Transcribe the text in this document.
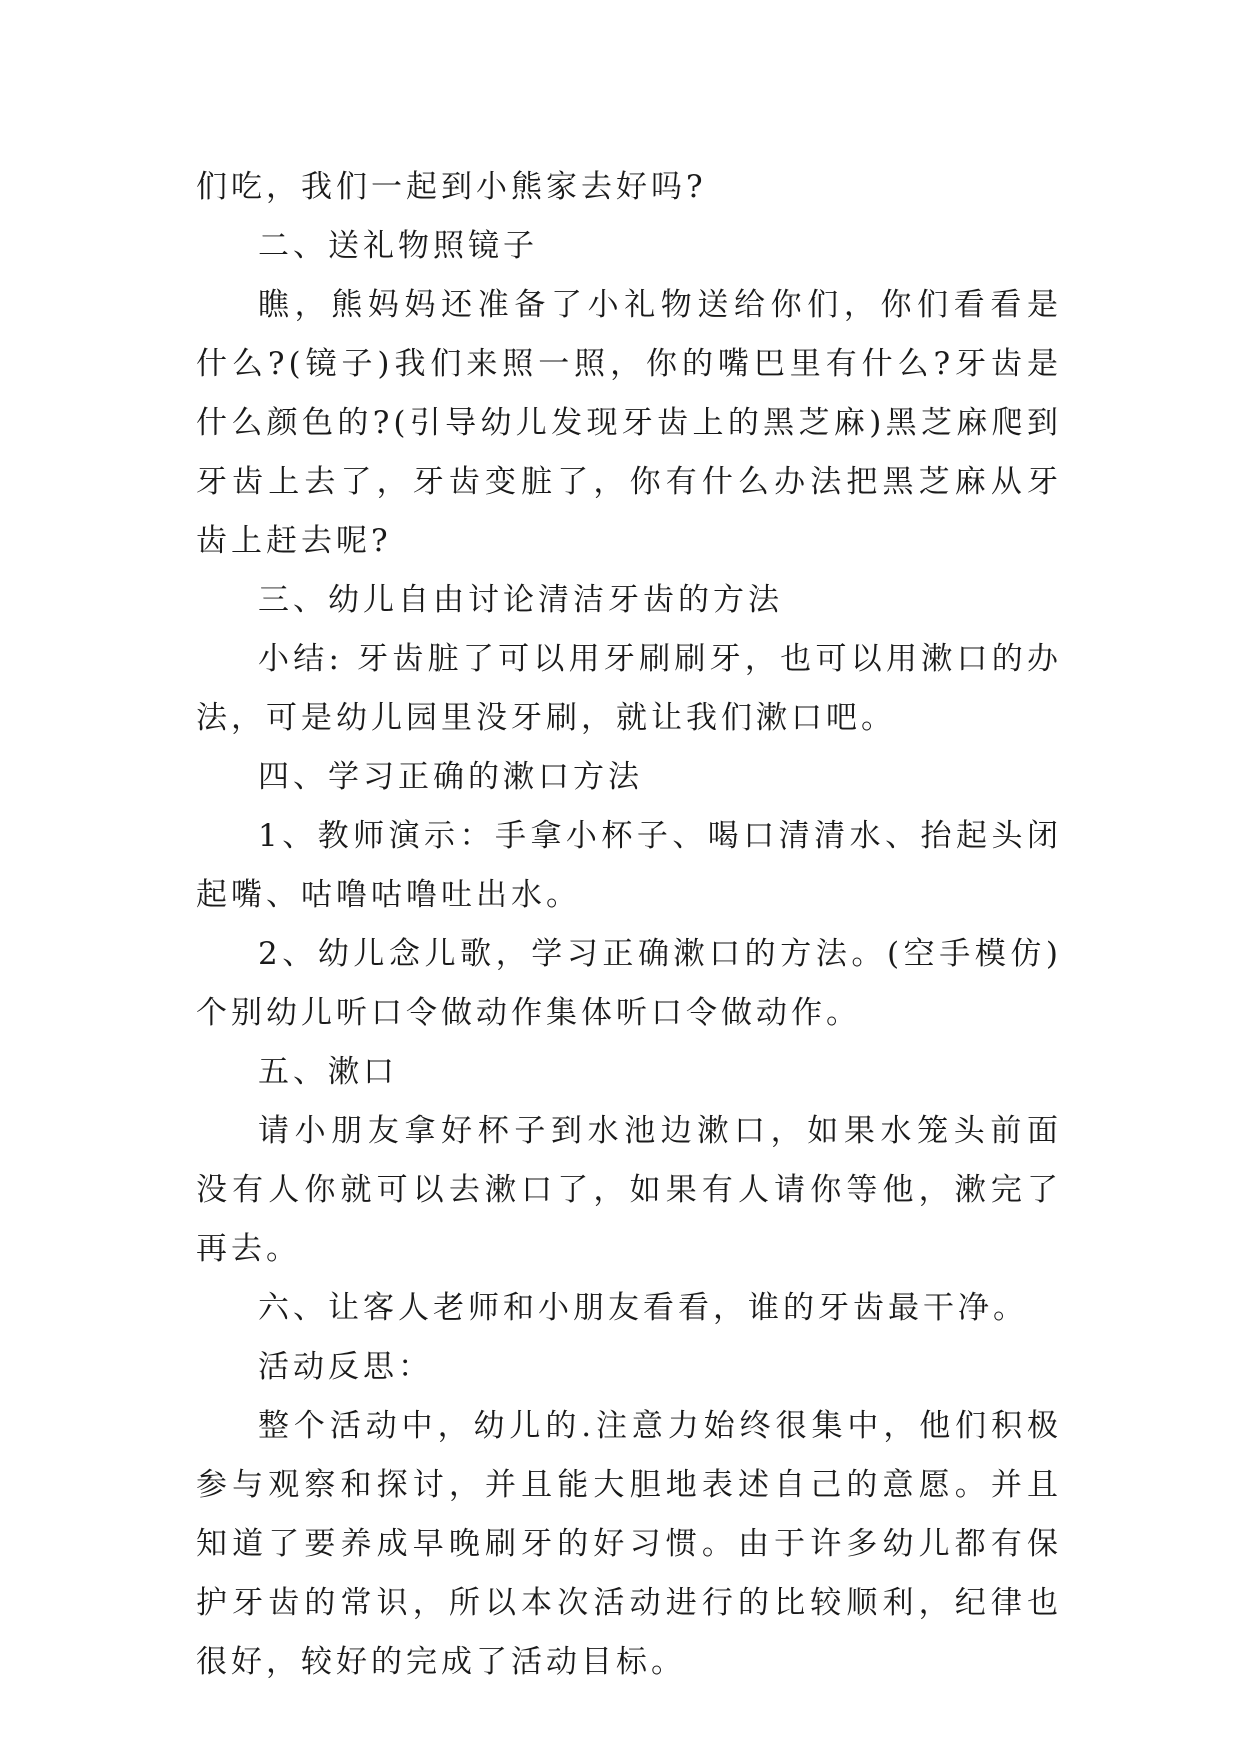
们吃，我们一起到小熊家去好吗?

二、送礼物照镜子

瞧，熊妈妈还准备了小礼物送给你们，你们看看是什么?(镜子)我们来照一照，你的嘴巴里有什么?牙齿是什么颜色的?(引导幼儿发现牙齿上的黑芝麻)黑芝麻爬到牙齿上去了，牙齿变脏了，你有什么办法把黑芝麻从牙齿上赶去呢?

三、幼儿自由讨论清洁牙齿的方法

小结: 牙齿脏了可以用牙刷刷牙，也可以用漱口的办法，可是幼儿园里没牙刷，就让我们漱口吧。

四、学习正确的漱口方法

1、教师演示：手拿小杯子、喝口清清水、抬起头闭起嘴、咕噜咕噜吐出水。

2、幼儿念儿歌，学习正确漱口的方法。(空手模仿)个别幼儿听口令做动作集体听口令做动作。

五、漱口

请小朋友拿好杯子到水池边漱口，如果水笼头前面没有人你就可以去漱口了，如果有人请你等他，漱完了再去。

六、让客人老师和小朋友看看，谁的牙齿最干净。

活动反思：

整个活动中，幼儿的.注意力始终很集中，他们积极参与观察和探讨，并且能大胆地表述自己的意愿。并且知道了要养成早晚刷牙的好习惯。由于许多幼儿都有保护牙齿的常识，所以本次活动进行的比较顺利，纪律也很好，较好的完成了活动目标。
